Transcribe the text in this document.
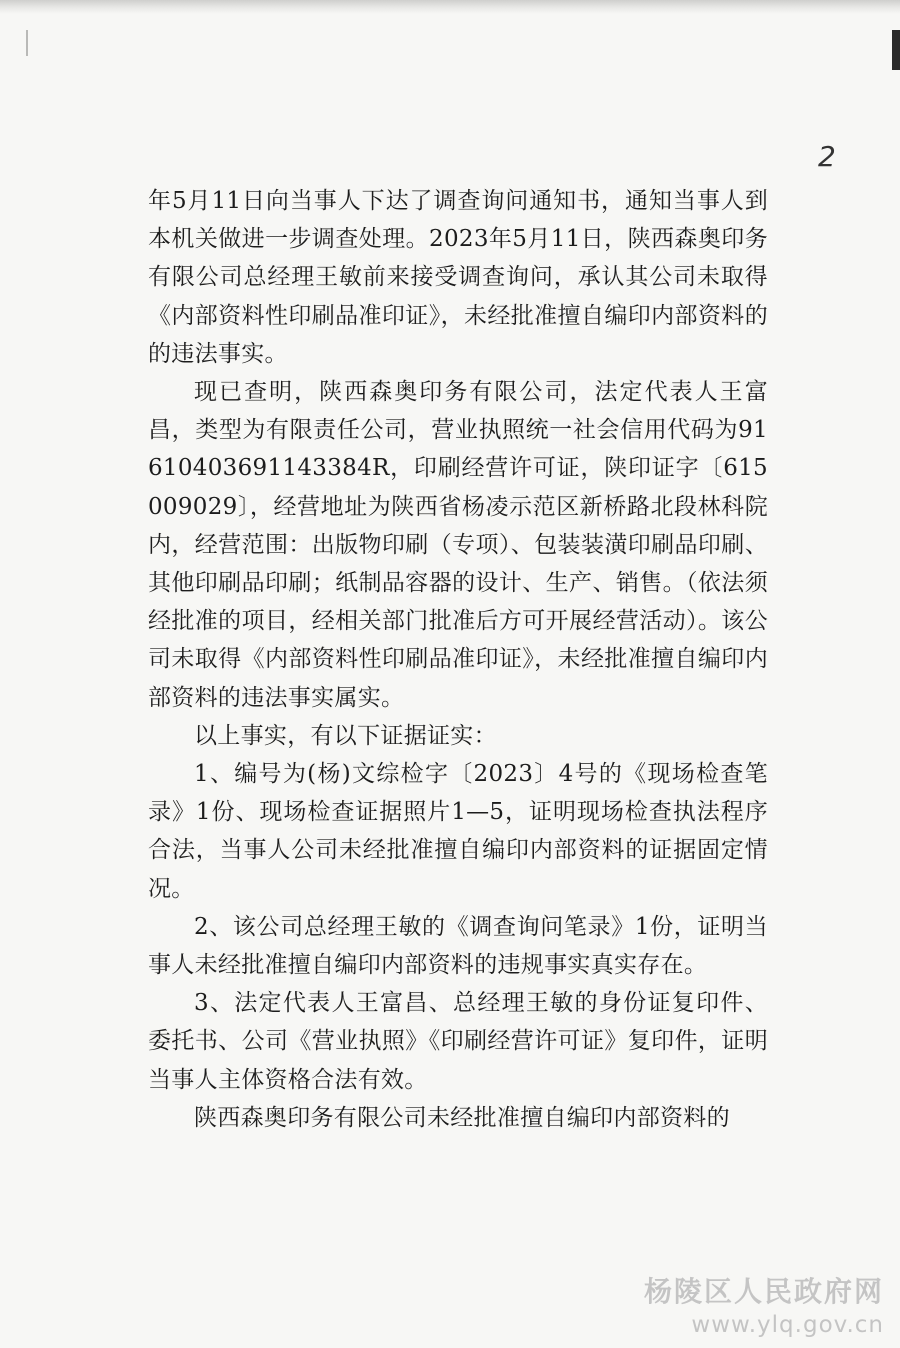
2

年5月11日向当事人下达了调查询问通知书，通知当事人到本机关做进一步调查处理。2023年5月11日，陕西森奥印务有限公司总经理王敏前来接受调查询问，承认其公司未取得《内部资料性印刷品准印证》，未经批准擅自编印内部资料的的违法事实。

现已查明，陕西森奥印务有限公司，法定代表人王富昌，类型为有限责任公司，营业执照统一社会信用代码为91610403691143384R，印刷经营许可证，陕印证字〔615009029〕，经营地址为陕西省杨凌示范区新桥路北段林科院内，经营范围：出版物印刷（专项）、包装装潢印刷品印刷、其他印刷品印刷；纸制品容器的设计、生产、销售。（依法须经批准的项目，经相关部门批准后方可开展经营活动）。该公司未取得《内部资料性印刷品准印证》，未经批准擅自编印内部资料的违法事实属实。

以上事实，有以下证据证实：

1、编号为(杨)文综检字〔2023〕4号的《现场检查笔录》1份、现场检查证据照片1—5，证明现场检查执法程序合法，当事人公司未经批准擅自编印内部资料的证据固定情况。

2、该公司总经理王敏的《调查询问笔录》1份，证明当事人未经批准擅自编印内部资料的违规事实真实存在。

3、法定代表人王富昌、总经理王敏的身份证复印件、委托书、公司《营业执照》《印刷经营许可证》复印件，证明当事人主体资格合法有效。

陕西森奥印务有限公司未经批准擅自编印内部资料的

杨陵区人民政府网
www.ylq.gov.cn
